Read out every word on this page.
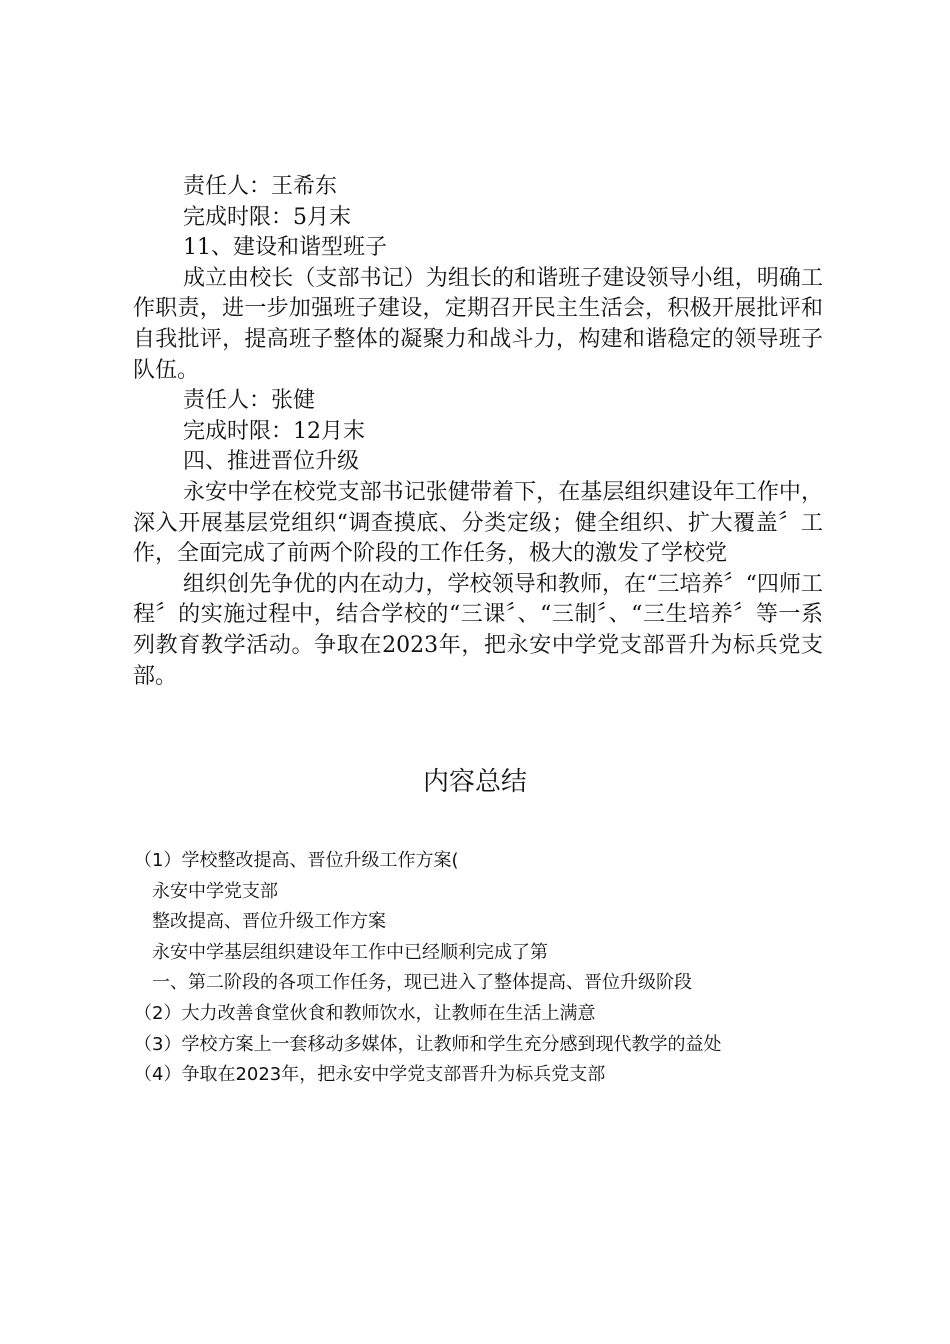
责任人：王希东

完成时限：5月末

11、建设和谐型班子

成立由校长（支部书记）为组长的和谐班子建设领导小组，明确工作职责，进一步加强班子建设，定期召开民主生活会，积极开展批评和自我批评，提高班子整体的凝聚力和战斗力，构建和谐稳定的领导班子队伍。

责任人：张健

完成时限：12月末

四、推进晋位升级

永安中学在校党支部书记张健带着下，在基层组织建设年工作中，深入开展基层党组织“调查摸底、分类定级；健全组织、扩大覆盖〞工作，全面完成了前两个阶段的工作任务，极大的激发了学校党

组织创先争优的内在动力，学校领导和教师，在“三培养〞“四师工程〞的实施过程中，结合学校的“三课〞、“三制〞、“三生培养〞等一系列教育教学活动。争取在2023年，把永安中学党支部晋升为标兵党支部。

内容总结

（1）学校整改提高、晋位升级工作方案(

永安中学党支部

整改提高、晋位升级工作方案

永安中学基层组织建设年工作中已经顺利完成了第

一、第二阶段的各项工作任务，现已进入了整体提高、晋位升级阶段

（2）大力改善食堂伙食和教师饮水，让教师在生活上满意

（3）学校方案上一套移动多媒体，让教师和学生充分感到现代教学的益处

（4）争取在2023年，把永安中学党支部晋升为标兵党支部
